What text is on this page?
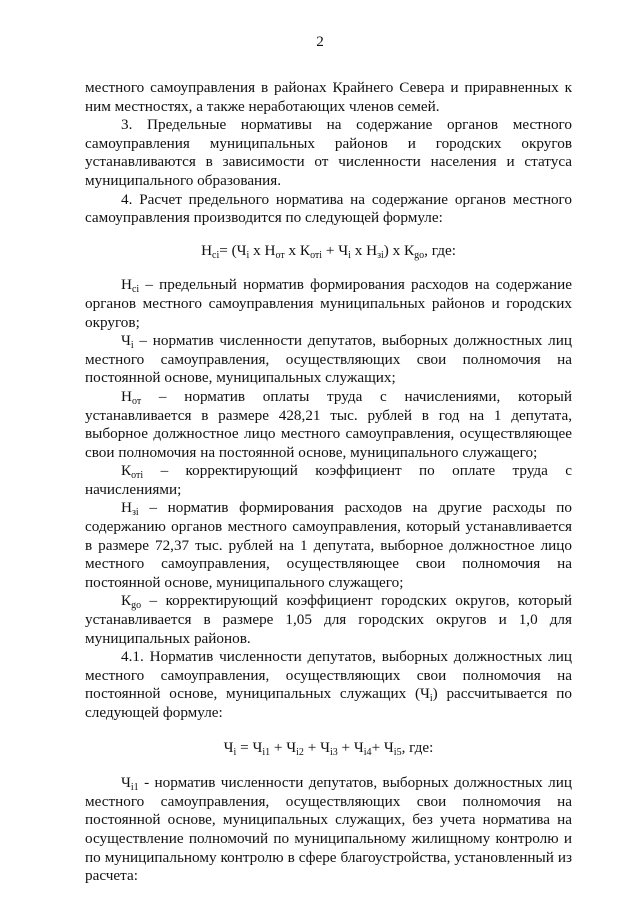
2

местного самоуправления в районах Крайнего Севера и приравненных к ним местностях, а также неработающих членов семей.

3. Предельные нормативы на содержание органов местного самоуправления муниципальных районов и городских округов устанавливаются в зависимости от численности населения и статуса муниципального образования.

4. Расчет предельного норматива на содержание органов местного самоуправления производится по следующей формуле:

$Н_{сі}= (Ч_і$ х $Н_{от}$ х $К_{оті} + Ч_і$ х $Н_{зі}$) х $К_{go}$, где:

$Н_{сі}$ – предельный норматив формирования расходов на содержание органов местного самоуправления муниципальных районов и городских округов;

$Ч_і$ – норматив численности депутатов, выборных должностных лиц местного самоуправления, осуществляющих свои полномочия на постоянной основе, муниципальных служащих;

$Н_{от}$ – норматив оплаты труда с начислениями, который устанавливается в размере 428,21 тыс. рублей в год на 1 депутата, выборное должностное лицо местного самоуправления, осуществляющее свои полномочия на постоянной основе, муниципального служащего;

$К_{оті}$ – корректирующий коэффициент по оплате труда с начислениями;

$Н_{зі}$ – норматив формирования расходов на другие расходы по содержанию органов местного самоуправления, который устанавливается в размере 72,37 тыс. рублей на 1 депутата, выборное должностное лицо местного самоуправления, осуществляющее свои полномочия на постоянной основе, муниципального служащего;

$К_{go}$ – корректирующий коэффициент городских округов, который устанавливается в размере 1,05 для городских округов и 1,0 для муниципальных районов.

4.1. Норматив численности депутатов, выборных должностных лиц местного самоуправления, осуществляющих свои полномочия на постоянной основе, муниципальных служащих $(Ч_і)$ рассчитывается по следующей формуле:

$Ч_і = Ч_{і1} + Ч_{і2} + Ч_{і3} + Ч_{і4}+ Ч_{і5}$, где:

$Ч_{і1}$ - норматив численности депутатов, выборных должностных лиц местного самоуправления, осуществляющих свои полномочия на постоянной основе, муниципальных служащих, без учета норматива на осуществление полномочий по муниципальному жилищному контролю и по муниципальному контролю в сфере благоустройства, установленный из расчета:
